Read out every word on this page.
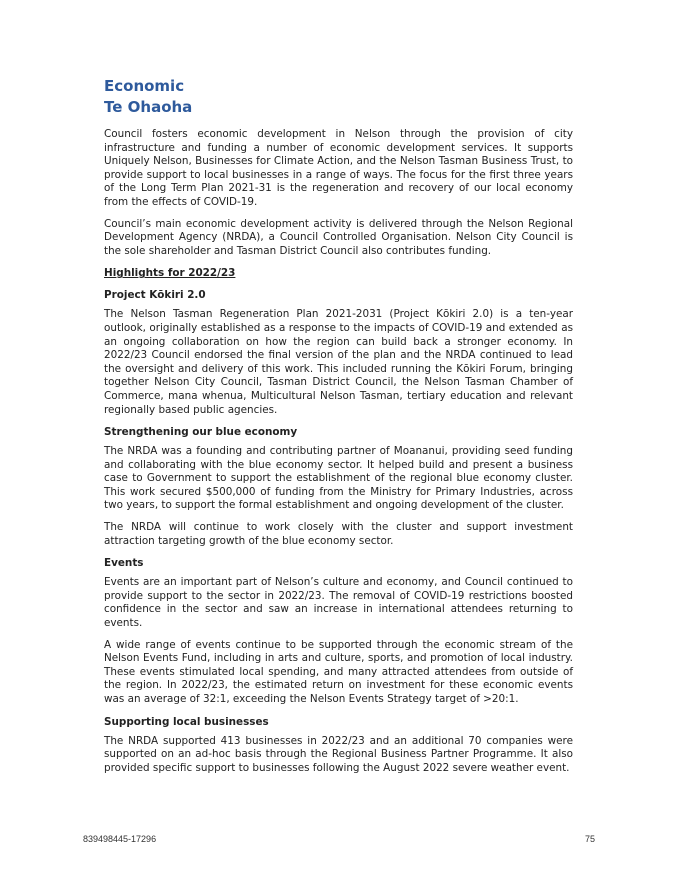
Economic
Te Ohaoha

Council fosters economic development in Nelson through the provision of city infrastructure and funding a number of economic development services. It supports Uniquely Nelson, Businesses for Climate Action, and the Nelson Tasman Business Trust, to provide support to local businesses in a range of ways. The focus for the first three years of the Long Term Plan 2021-31 is the regeneration and recovery of our local economy from the effects of COVID-19.

Council’s main economic development activity is delivered through the Nelson Regional Development Agency (NRDA), a Council Controlled Organisation. Nelson City Council is the sole shareholder and Tasman District Council also contributes funding.

Highlights for 2022/23
Project Kōkiri 2.0

The Nelson Tasman Regeneration Plan 2021-2031 (Project Kōkiri 2.0) is a ten-year outlook, originally established as a response to the impacts of COVID-19 and extended as an ongoing collaboration on how the region can build back a stronger economy. In 2022/23 Council endorsed the final version of the plan and the NRDA continued to lead the oversight and delivery of this work. This included running the Kōkiri Forum, bringing together Nelson City Council, Tasman District Council, the Nelson Tasman Chamber of Commerce, mana whenua, Multicultural Nelson Tasman, tertiary education and relevant regionally based public agencies.

Strengthening our blue economy

The NRDA was a founding and contributing partner of Moananui, providing seed funding and collaborating with the blue economy sector. It helped build and present a business case to Government to support the establishment of the regional blue economy cluster. This work secured $500,000 of funding from the Ministry for Primary Industries, across two years, to support the formal establishment and ongoing development of the cluster.

The NRDA will continue to work closely with the cluster and support investment attraction targeting growth of the blue economy sector.

Events

Events are an important part of Nelson’s culture and economy, and Council continued to provide support to the sector in 2022/23. The removal of COVID-19 restrictions boosted confidence in the sector and saw an increase in international attendees returning to events.

A wide range of events continue to be supported through the economic stream of the Nelson Events Fund, including in arts and culture, sports, and promotion of local industry. These events stimulated local spending, and many attracted attendees from outside of the region. In 2022/23, the estimated return on investment for these economic events was an average of 32:1, exceeding the Nelson Events Strategy target of >20:1.

Supporting local businesses

The NRDA supported 413 businesses in 2022/23 and an additional 70 companies were supported on an ad-hoc basis through the Regional Business Partner Programme. It also provided specific support to businesses following the August 2022 severe weather event.

839498445-17296	75
